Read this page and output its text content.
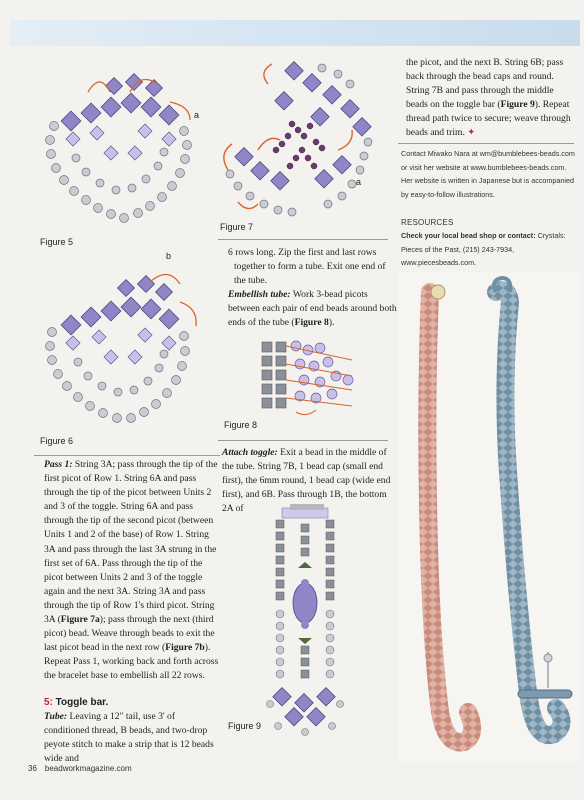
Figure 5
a
Figure 6
b
Figure 7
a
Figure 8
Figure 9

Pass 1: String 3A; pass through the tip of the first picot of Row 1. String 6A and pass through the tip of the picot between Units 2 and 3 of the toggle. String 6A and pass through the tip of the second picot (between Units 1 and 2 of the base) of Row 1. String 3A and pass through the last 3A strung in the first set of 6A. Pass through the tip of the picot between Units 2 and 3 of the toggle again and the next 3A. String 3A and pass through the tip of Row 1's third picot. String 3A (Figure 7a); pass through the next (third picot) bead. Weave through beads to exit the last picot bead in the next row (Figure 7b).

Repeat Pass 1, working back and forth across the bracelet base to embellish all 22 rows.

5: Toggle bar.

Tube: Leaving a 12" tail, use 3' of conditioned thread, B beads, and two-drop peyote stitch to make a strip that is 12 beads wide and

6 rows long. Zip the first and last rows together to form a tube. Exit one end of the tube.

Embellish tube: Work 3-bead picots between each pair of end beads around both ends of the tube (Figure 8).

Attach toggle: Exit a bead in the middle of the tube. String 7B, 1 bead cap (small end first), the 6mm round, 1 bead cap (wide end first), and 6B. Pass through 1B, the bottom 2A of

the picot, and the next B. String 6B; pass back through the bead caps and round. String 7B and pass through the middle beads on the toggle bar (Figure 9). Repeat thread path twice to secure; weave through beads and trim. ✦

Contact Miwako Nara at wm@bumblebees-beads.com or visit her website at www.bumblebees-beads.com. Her website is written in Japanese but is accompanied by easy-to-follow illustrations.
RESOURCES
Check your local bead shop or contact: Crystals: Pieces of the Past, (215) 243-7934, www.piecesbeads.com.
36 beadworkmagazine.com
